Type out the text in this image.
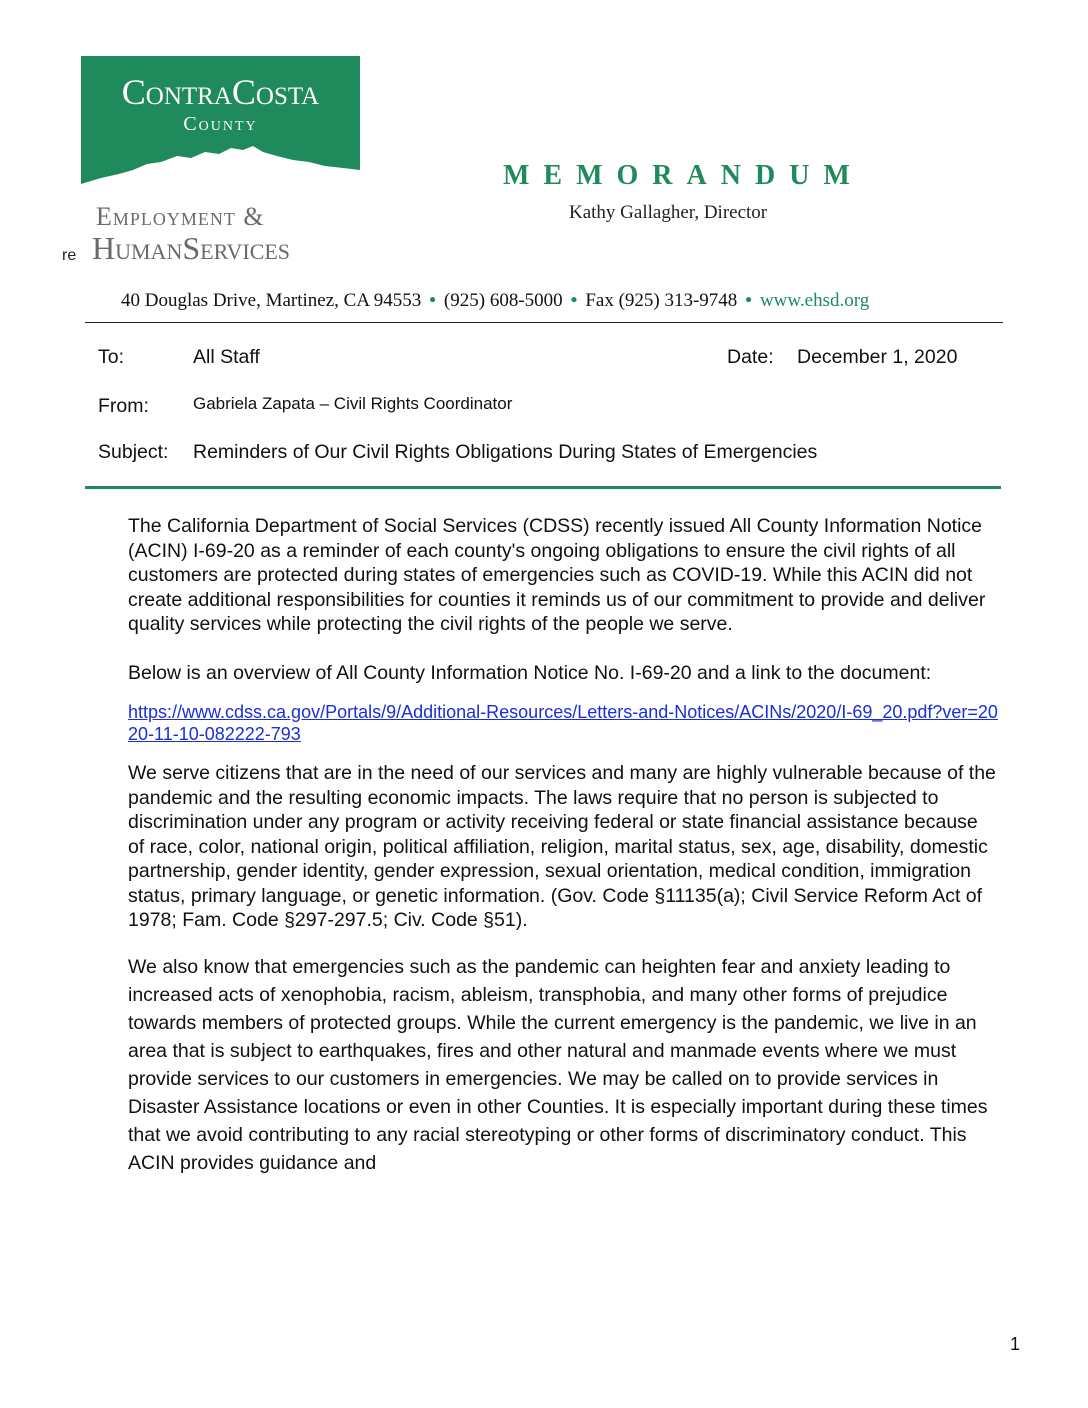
ContraCosta
County
Employment &
HumanServices
re
MEMORANDUM
Kathy Gallagher, Director
40 Douglas Drive, Martinez, CA 94553 • (925) 608-5000 • Fax (925) 313-9748 • www.ehsd.org
To:	All Staff	Date: December 1, 2020
From:	Gabriela Zapata – Civil Rights Coordinator
Subject: Reminders of Our Civil Rights Obligations During States of Emergencies

The California Department of Social Services (CDSS) recently issued All County Information Notice (ACIN) I-69-20 as a reminder of each county's ongoing obligations to ensure the civil rights of all customers are protected during states of emergencies such as COVID-19. While this ACIN did not create additional responsibilities for counties it reminds us of our commitment to provide and deliver quality services while protecting the civil rights of the people we serve.

Below is an overview of All County Information Notice No. I-69-20 and a link to the document:

https://www.cdss.ca.gov/Portals/9/Additional-Resources/Letters-and-Notices/ACINs/2020/I-69_20.pdf?ver=2020-11-10-082222-793

We serve citizens that are in the need of our services and many are highly vulnerable because of the pandemic and the resulting economic impacts. The laws require that no person is subjected to discrimination under any program or activity receiving federal or state financial assistance because of race, color, national origin, political affiliation, religion, marital status, sex, age, disability, domestic partnership, gender identity, gender expression, sexual orientation, medical condition, immigration status, primary language, or genetic information. (Gov. Code §11135(a); Civil Service Reform Act of 1978; Fam. Code §297-297.5; Civ. Code §51).

We also know that emergencies such as the pandemic can heighten fear and anxiety leading to increased acts of xenophobia, racism, ableism, transphobia, and many other forms of prejudice towards members of protected groups. While the current emergency is the pandemic, we live in an area that is subject to earthquakes, fires and other natural and manmade events where we must provide services to our customers in emergencies. We may be called on to provide services in Disaster Assistance locations or even in other Counties. It is especially important during these times that we avoid contributing to any racial stereotyping or other forms of discriminatory conduct. This ACIN provides guidance and

1
